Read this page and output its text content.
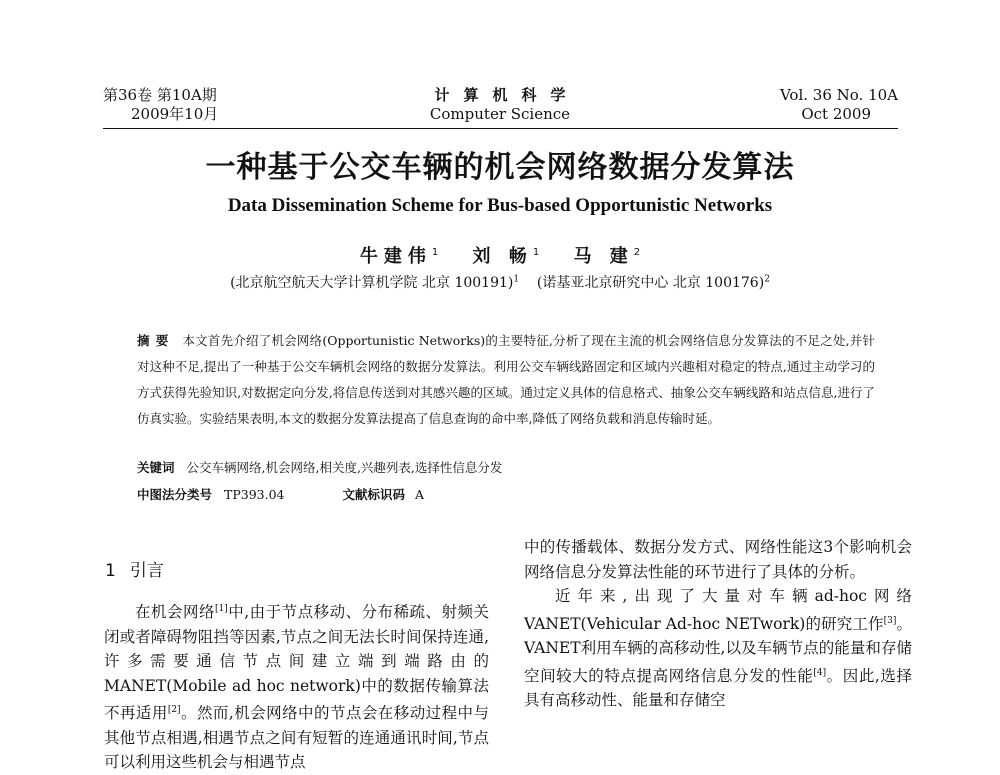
第36卷 第10A期
2009年10月
计算机科学
Computer Science
Vol. 36 No. 10A
Oct 2009
一种基于公交车辆的机会网络数据分发算法
Data Dissemination Scheme for Bus-based Opportunistic Networks
牛建伟$^1$ 刘 畅$^1$ 马 建$^2$
(北京航空航天大学计算机学院 北京 100191)$^1$ (诺基亚北京研究中心 北京 100176)$^2$
摘要 本文首先介绍了机会网络(Opportunistic Networks)的主要特征,分析了现在主流的机会网络信息分发算法的不足之处,并针对这种不足,提出了一种基于公交车辆机会网络的数据分发算法。利用公交车辆线路固定和区域内兴趣相对稳定的特点,通过主动学习的方式获得先验知识,对数据定向分发,将信息传送到对其感兴趣的区域。通过定义具体的信息格式、抽象公交车辆线路和站点信息,进行了仿真实验。实验结果表明,本文的数据分发算法提高了信息查询的命中率,降低了网络负载和消息传输时延。
关键词 公交车辆网络,机会网络,相关度,兴趣列表,选择性信息分发
中图法分类号 TP393.04	文献标识码 A
1 引言

在机会网络[1]中,由于节点移动、分布稀疏、射频关闭或者障碍物阻挡等因素,节点之间无法长时间保持连通,许多需要通信节点间建立端到端路由的MANET(Mobile ad hoc network)中的数据传输算法不再适用[2]。然而,机会网络中的节点会在移动过程中与其他节点相遇,相遇节点之间有短暂的连通通讯时间,节点可以利用这些机会与相遇节点

中的传播载体、数据分发方式、网络性能这3个影响机会网络信息分发算法性能的环节进行了具体的分析。

近年来,出现了大量对车辆ad-hoc网络VANET(Vehicular Ad-hoc NETwork)的研究工作[3]。VANET利用车辆的高移动性,以及车辆节点的能量和存储空间较大的特点提高网络信息分发的性能[4]。因此,选择具有高移动性、能量和存储空
